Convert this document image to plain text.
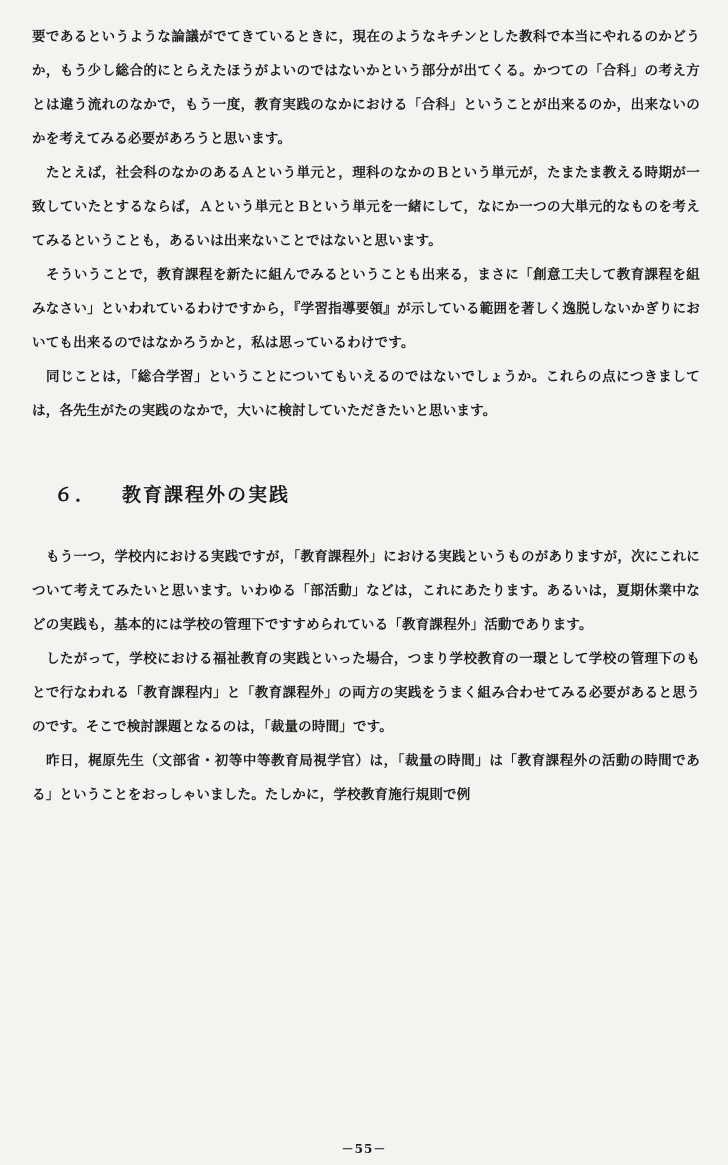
要であるというような論議がでてきているときに，現在のようなキチンとした教科で本当にやれるのかどうか，もう少し総合的にとらえたほうがよいのではないかという部分が出てくる。かつての「合科」の考え方とは違う流れのなかで，もう一度，教育実践のなかにおける「合科」ということが出来るのか，出来ないのかを考えてみる必要があろうと思います。

たとえば，社会科のなかのあるＡという単元と，理科のなかのＢという単元が，たまたま教える時期が一致していたとするならば，Ａという単元とＢという単元を一緒にして，なにか一つの大単元的なものを考えてみるということも，あるいは出来ないことではないと思います。

そういうことで，教育課程を新たに組んでみるということも出来る，まさに「創意工夫して教育課程を組みなさい」といわれているわけですから，『学習指導要領』が示している範囲を著しく逸脱しないかぎりにおいても出来るのではなかろうかと，私は思っているわけです。

同じことは，「総合学習」ということについてもいえるのではないでしょうか。これらの点につきましては，各先生がたの実践のなかで，大いに検討していただきたいと思います。

６． 教育課程外の実践

もう一つ，学校内における実践ですが，「教育課程外」における実践というものがありますが，次にこれについて考えてみたいと思います。いわゆる「部活動」などは，これにあたります。あるいは，夏期休業中などの実践も，基本的には学校の管理下ですすめられている「教育課程外」活動であります。

したがって，学校における福祉教育の実践といった場合，つまり学校教育の一環として学校の管理下のもとで行なわれる「教育課程内」と「教育課程外」の両方の実践をうまく組み合わせてみる必要があると思うのです。そこで検討課題となるのは，「裁量の時間」です。

昨日，梶原先生（文部省・初等中等教育局視学官）は，「裁量の時間」は「教育課程外の活動の時間である」ということをおっしゃいました。たしかに，学校教育施行規則で例

－55－
